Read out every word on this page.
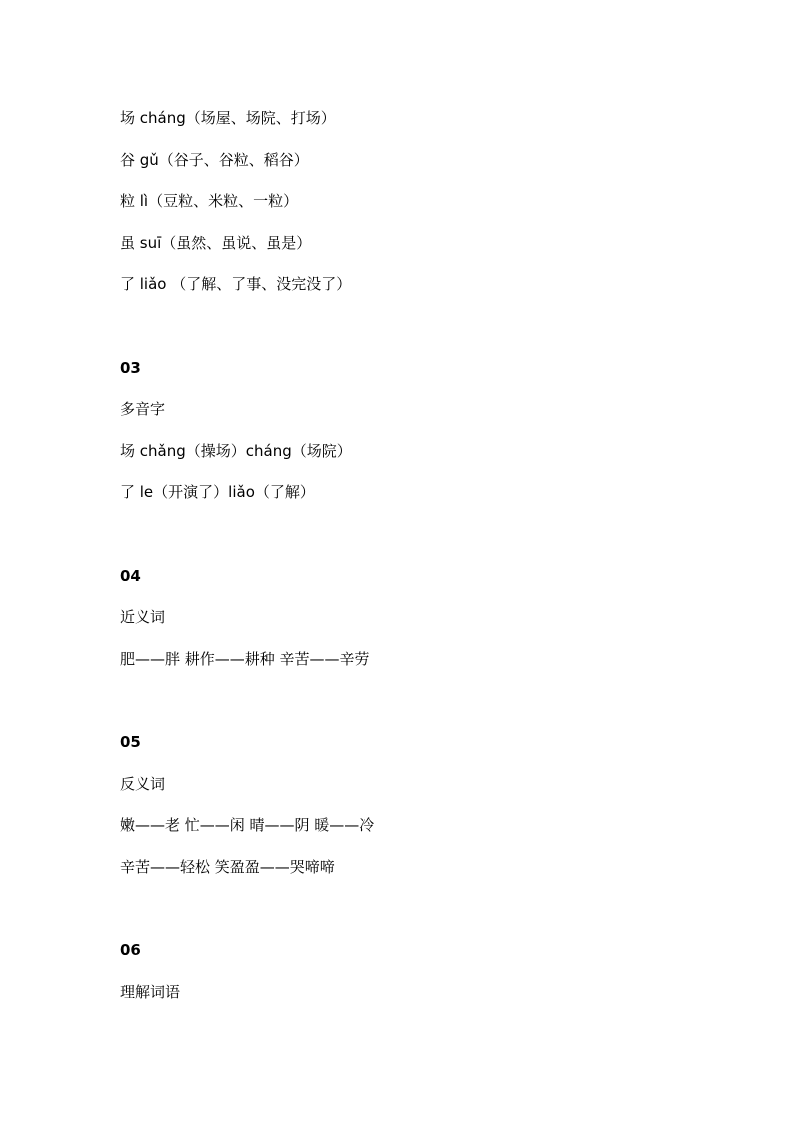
场 cháng（场屋、场院、打场）
谷 gǔ（谷子、谷粒、稻谷）
粒 lì（豆粒、米粒、一粒）
虽 suī（虽然、虽说、虽是）
了 liǎo （了解、了事、没完没了）
03
多音字
场 chǎng（操场）cháng（场院）
了 le（开演了）liǎo（了解）
04
近义词
肥——胖 耕作——耕种 辛苦——辛劳
05
反义词
嫩——老 忙——闲 晴——阴 暖——冷
辛苦——轻松 笑盈盈——哭啼啼
06
理解词语
